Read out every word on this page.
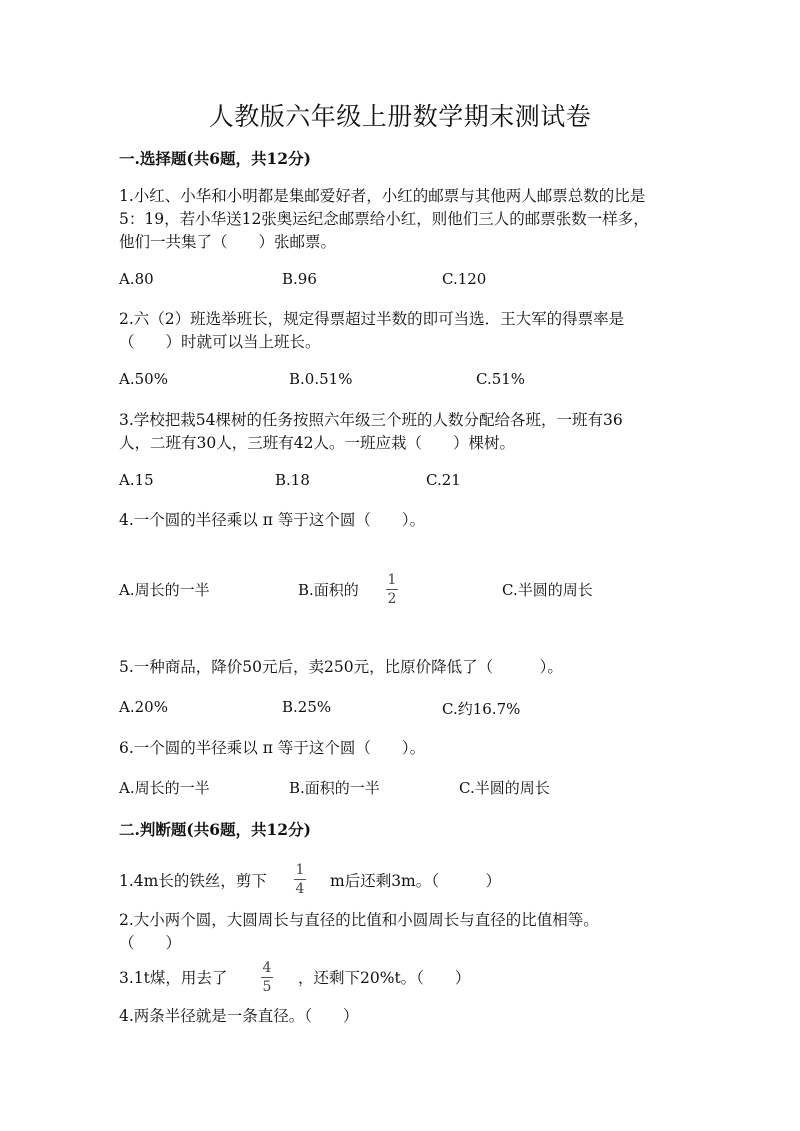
人教版六年级上册数学期末测试卷
一.选择题(共6题，共12分)
1.小红、小华和小明都是集邮爱好者，小红的邮票与其他两人邮票总数的比是
5：19，若小华送12张奥运纪念邮票给小红，则他们三人的邮票张数一样多，
他们一共集了（　　）张邮票。
A.80	B.96	C.120
2.六（2）班选举班长，规定得票超过半数的即可当选．王大军的得票率是
（　　）时就可以当上班长。
A.50%	B.0.51%	C.51%
3.学校把栽54棵树的任务按照六年级三个班的人数分配给各班，一班有36
人，二班有30人，三班有42人。一班应栽（　　）棵树。
A.15	B.18	C.21
4.一个圆的半径乘以 π 等于这个圆（　　）。
A.周长的一半	B.面积的
1
2	C.半圆的周长
5.一种商品，降价50元后，卖250元，比原价降低了（　　　）。
A.20%	B.25%	C.约16.7%
6.一个圆的半径乘以 π 等于这个圆（　　）。
A.周长的一半	B.面积的一半	C.半圆的周长
二.判断题(共6题，共12分)
1.4m长的铁丝，剪下
1
4 m后还剩3m。（　　　）
2.大小两个圆，大圆周长与直径的比值和小圆周长与直径的比值相等。
（　　）
3.1t煤，用去了
4
5 ，还剩下20%t。（　　）
4.两条半径就是一条直径。（　　）
